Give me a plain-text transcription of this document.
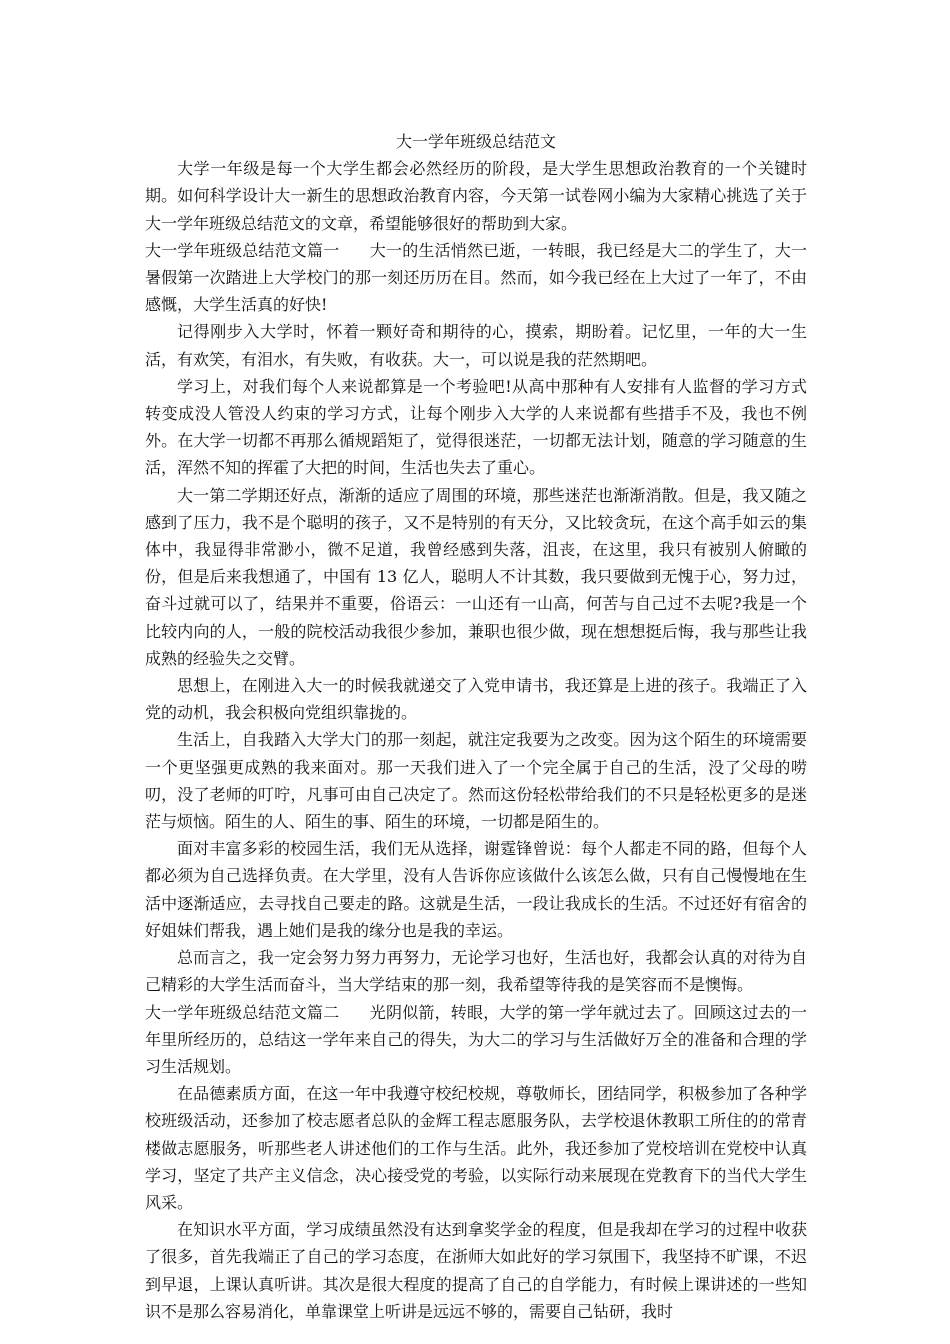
大一学年班级总结范文

大学一年级是每一个大学生都会必然经历的阶段，是大学生思想政治教育的一个关键时期。如何科学设计大一新生的思想政治教育内容，今天第一试卷网小编为大家精心挑选了关于大一学年班级总结范文的文章，希望能够很好的帮助到大家。

大一学年班级总结范文篇一 大一的生活悄然已逝，一转眼，我已经是大二的学生了，大一暑假第一次踏进上大学校门的那一刻还历历在目。然而，如今我已经在上大过了一年了，不由感慨，大学生活真的好快!

记得刚步入大学时，怀着一颗好奇和期待的心，摸索，期盼着。记忆里，一年的大一生活，有欢笑，有泪水，有失败，有收获。大一，可以说是我的茫然期吧。

学习上，对我们每个人来说都算是一个考验吧!从高中那种有人安排有人监督的学习方式转变成没人管没人约束的学习方式，让每个刚步入大学的人来说都有些措手不及，我也不例外。在大学一切都不再那么循规蹈矩了，觉得很迷茫，一切都无法计划，随意的学习随意的生活，浑然不知的挥霍了大把的时间，生活也失去了重心。

大一第二学期还好点，渐渐的适应了周围的环境，那些迷茫也渐渐消散。但是，我又随之感到了压力，我不是个聪明的孩子，又不是特别的有天分，又比较贪玩，在这个高手如云的集体中，我显得非常渺小，微不足道，我曾经感到失落，沮丧，在这里，我只有被别人俯瞰的份，但是后来我想通了，中国有 13 亿人，聪明人不计其数，我只要做到无愧于心，努力过，奋斗过就可以了，结果并不重要，俗语云：一山还有一山高，何苦与自己过不去呢?我是一个比较内向的人，一般的院校活动我很少参加，兼职也很少做，现在想想挺后悔，我与那些让我成熟的经验失之交臂。

思想上，在刚进入大一的时候我就递交了入党申请书，我还算是上进的孩子。我端正了入党的动机，我会积极向党组织靠拢的。

生活上，自我踏入大学大门的那一刻起，就注定我要为之改变。因为这个陌生的环境需要一个更坚强更成熟的我来面对。那一天我们进入了一个完全属于自己的生活，没了父母的唠叨，没了老师的叮咛，凡事可由自己决定了。然而这份轻松带给我们的不只是轻松更多的是迷茫与烦恼。陌生的人、陌生的事、陌生的环境，一切都是陌生的。

面对丰富多彩的校园生活，我们无从选择，谢霆锋曾说：每个人都走不同的路，但每个人都必须为自己选择负责。在大学里，没有人告诉你应该做什么该怎么做，只有自己慢慢地在生活中逐渐适应，去寻找自己要走的路。这就是生活，一段让我成长的生活。不过还好有宿舍的好姐妹们帮我，遇上她们是我的缘分也是我的幸运。

总而言之，我一定会努力努力再努力，无论学习也好，生活也好，我都会认真的对待为自己精彩的大学生活而奋斗，当大学结束的那一刻，我希望等待我的是笑容而不是懊悔。

大一学年班级总结范文篇二 光阴似箭，转眼，大学的第一学年就过去了。回顾这过去的一年里所经历的，总结这一学年来自己的得失，为大二的学习与生活做好万全的准备和合理的学习生活规划。

在品德素质方面，在这一年中我遵守校纪校规，尊敬师长，团结同学，积极参加了各种学校班级活动，还参加了校志愿者总队的金辉工程志愿服务队，去学校退休教职工所住的的常青楼做志愿服务，听那些老人讲述他们的工作与生活。此外，我还参加了党校培训在党校中认真学习，坚定了共产主义信念，决心接受党的考验，以实际行动来展现在党教育下的当代大学生风采。

在知识水平方面，学习成绩虽然没有达到拿奖学金的程度，但是我却在学习的过程中收获了很多，首先我端正了自己的学习态度，在浙师大如此好的学习氛围下，我坚持不旷课，不迟到早退，上课认真听讲。其次是很大程度的提高了自己的自学能力，有时候上课讲述的一些知识不是那么容易消化，单靠课堂上听讲是远远不够的，需要自己钻研，我时
